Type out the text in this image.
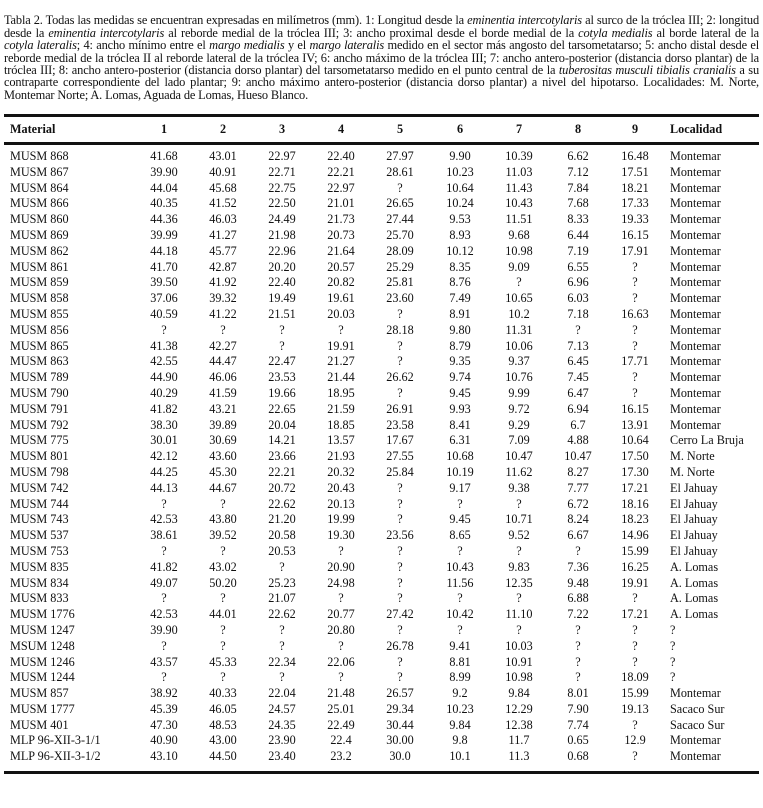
Tabla 2. Todas las medidas se encuentran expresadas en milímetros (mm). 1: Longitud desde la eminentia intercotylaris al surco de la tróclea III; 2: longitud desde la eminentia intercotylaris al reborde medial de la tróclea III; 3: ancho proximal desde el borde medial de la cotyla medialis al borde lateral de la cotyla lateralis; 4: ancho mínimo entre el margo medialis y el margo lateralis medido en el sector más angosto del tarsometatarso; 5: ancho distal desde el reborde medial de la tróclea II al reborde lateral de la tróclea IV; 6: ancho máximo de la tróclea III; 7: ancho antero-posterior (distancia dorso plantar) de la tróclea III; 8: ancho antero-posterior (distancia dorso plantar) del tarsometatarso medido en el punto central de la tuberositas musculi tibialis cranialis a su contraparte correspondiente del lado plantar; 9: ancho máximo antero-posterior (distancia dorso plantar) a nivel del hipotarso. Localidades: M. Norte, Montemar Norte; A. Lomas, Aguada de Lomas, Hueso Blanco.

Material	1	2	3	4	5	6	7	8	9	Localidad
MUSM 868	41.68	43.01	22.97	22.40	27.97	9.90	10.39	6.62	16.48	Montemar
MUSM 867	39.90	40.91	22.71	22.21	28.61	10.23	11.03	7.12	17.51	Montemar
MUSM 864	44.04	45.68	22.75	22.97	?	10.64	11.43	7.84	18.21	Montemar
MUSM 866	40.35	41.52	22.50	21.01	26.65	10.24	10.43	7.68	17.33	Montemar
MUSM 860	44.36	46.03	24.49	21.73	27.44	9.53	11.51	8.33	19.33	Montemar
MUSM 869	39.99	41.27	21.98	20.73	25.70	8.93	9.68	6.44	16.15	Montemar
MUSM 862	44.18	45.77	22.96	21.64	28.09	10.12	10.98	7.19	17.91	Montemar
MUSM 861	41.70	42.87	20.20	20.57	25.29	8.35	9.09	6.55	?	Montemar
MUSM 859	39.50	41.92	22.40	20.82	25.81	8.76	?	6.96	?	Montemar
MUSM 858	37.06	39.32	19.49	19.61	23.60	7.49	10.65	6.03	?	Montemar
MUSM 855	40.59	41.22	21.51	20.03	?	8.91	10.2	7.18	16.63	Montemar
MUSM 856	?	?	?	?	28.18	9.80	11.31	?	?	Montemar
MUSM 865	41.38	42.27	?	19.91	?	8.79	10.06	7.13	?	Montemar
MUSM 863	42.55	44.47	22.47	21.27	?	9.35	9.37	6.45	17.71	Montemar
MUSM 789	44.90	46.06	23.53	21.44	26.62	9.74	10.76	7.45	?	Montemar
MUSM 790	40.29	41.59	19.66	18.95	?	9.45	9.99	6.47	?	Montemar
MUSM 791	41.82	43.21	22.65	21.59	26.91	9.93	9.72	6.94	16.15	Montemar
MUSM 792	38.30	39.89	20.04	18.85	23.58	8.41	9.29	6.7	13.91	Montemar
MUSM 775	30.01	30.69	14.21	13.57	17.67	6.31	7.09	4.88	10.64	Cerro La Bruja
MUSM 801	42.12	43.60	23.66	21.93	27.55	10.68	10.47	10.47	17.50	M. Norte
MUSM 798	44.25	45.30	22.21	20.32	25.84	10.19	11.62	8.27	17.30	M. Norte
MUSM 742	44.13	44.67	20.72	20.43	?	9.17	9.38	7.77	17.21	El Jahuay
MUSM 744	?	?	22.62	20.13	?	?	?	6.72	18.16	El Jahuay
MUSM 743	42.53	43.80	21.20	19.99	?	9.45	10.71	8.24	18.23	El Jahuay
MUSM 537	38.61	39.52	20.58	19.30	23.56	8.65	9.52	6.67	14.96	El Jahuay
MUSM 753	?	?	20.53	?	?	?	?	?	15.99	El Jahuay
MUSM 835	41.82	43.02	?	20.90	?	10.43	9.83	7.36	16.25	A. Lomas
MUSM 834	49.07	50.20	25.23	24.98	?	11.56	12.35	9.48	19.91	A. Lomas
MUSM 833	?	?	21.07	?	?	?	?	6.88	?	A. Lomas
MUSM 1776	42.53	44.01	22.62	20.77	27.42	10.42	11.10	7.22	17.21	A. Lomas
MUSM 1247	39.90	?	?	20.80	?	?	?	?	?	?
MSUM 1248	?	?	?	?	26.78	9.41	10.03	?	?	?
MUSM 1246	43.57	45.33	22.34	22.06	?	8.81	10.91	?	?	?
MUSM 1244	?	?	?	?	?	8.99	10.98	?	18.09	?
MUSM 857	38.92	40.33	22.04	21.48	26.57	9.2	9.84	8.01	15.99	Montemar
MUSM 1777	45.39	46.05	24.57	25.01	29.34	10.23	12.29	7.90	19.13	Sacaco Sur
MUSM 401	47.30	48.53	24.35	22.49	30.44	9.84	12.38	7.74	?	Sacaco Sur
MLP 96-XII-3-1/1	40.90	43.00	23.90	22.4	30.00	9.8	11.7	0.65	12.9	Montemar
MLP 96-XII-3-1/2	43.10	44.50	23.40	23.2	30.0	10.1	11.3	0.68	?	Montemar
